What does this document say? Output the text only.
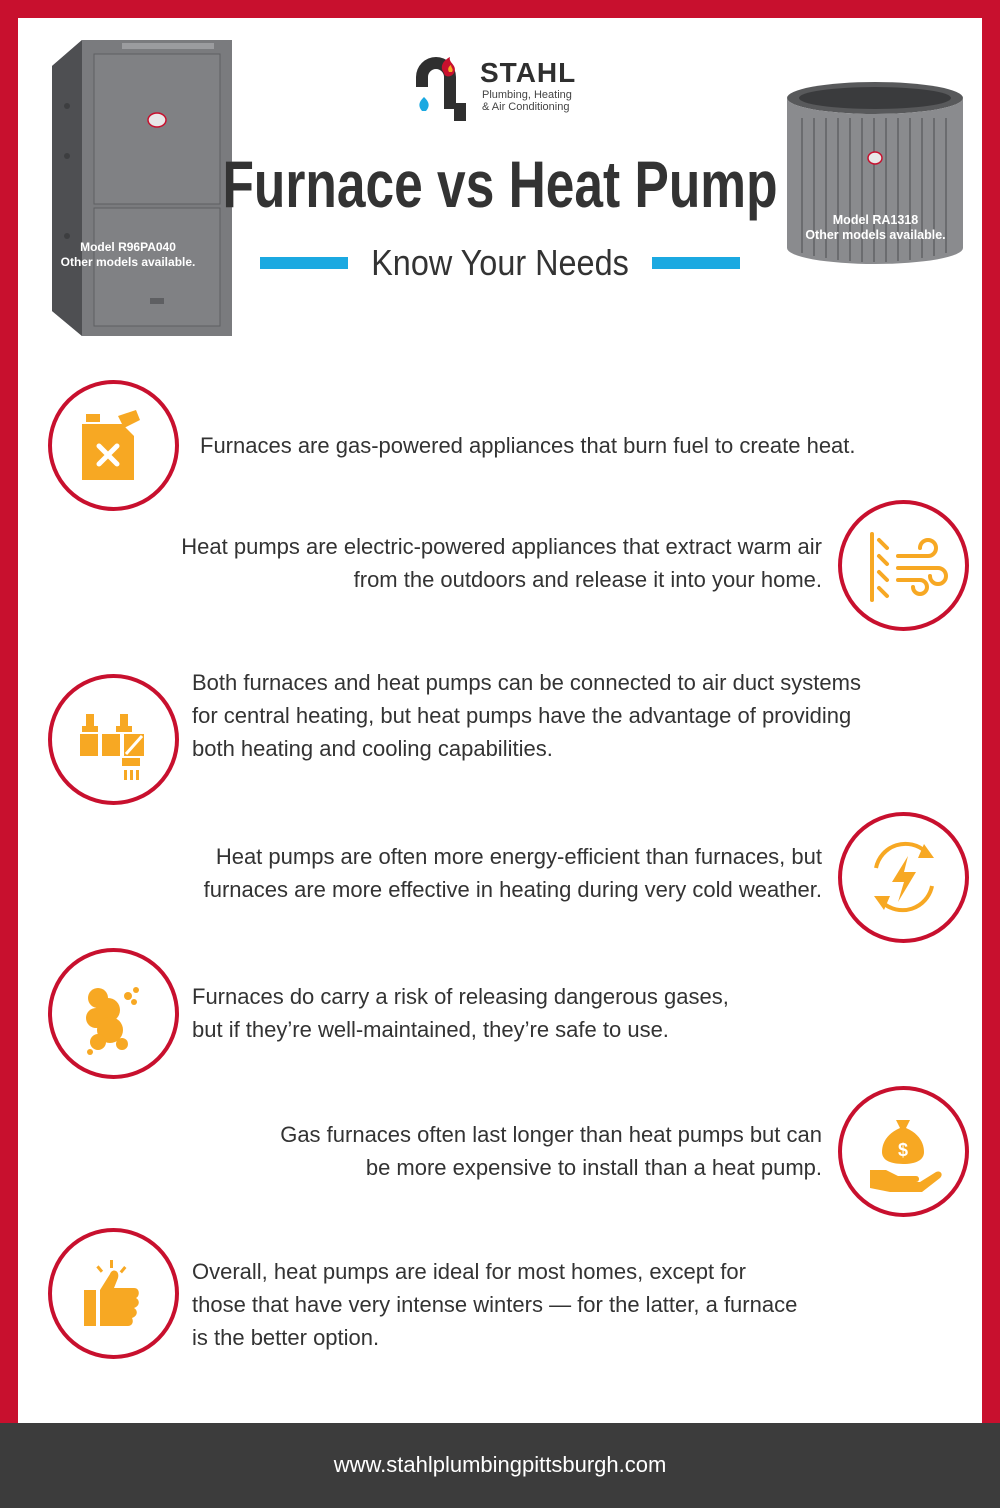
Model R96PA040
Other models available.
STAHL
Plumbing, Heating
& Air Conditioning
Furnace vs Heat Pump
Know Your Needs
Model RA1318
Other models available.
Furnaces are gas-powered appliances that burn fuel to create heat.
Heat pumps are electric-powered appliances that extract warm air
from the outdoors and release it into your home.
Both furnaces and heat pumps can be connected to air duct systems
for central heating, but heat pumps have the advantage of providing
both heating and cooling capabilities.
Heat pumps are often more energy-efficient than furnaces, but
furnaces are more effective in heating during very cold weather.
Furnaces do carry a risk of releasing dangerous gases,
but if they’re well-maintained, they’re safe to use.
$
Gas furnaces often last longer than heat pumps but can
be more expensive to install than a heat pump.
Overall, heat pumps are ideal for most homes, except for
those that have very intense winters — for the latter, a furnace
is the better option.
www.stahlplumbingpittsburgh.com
